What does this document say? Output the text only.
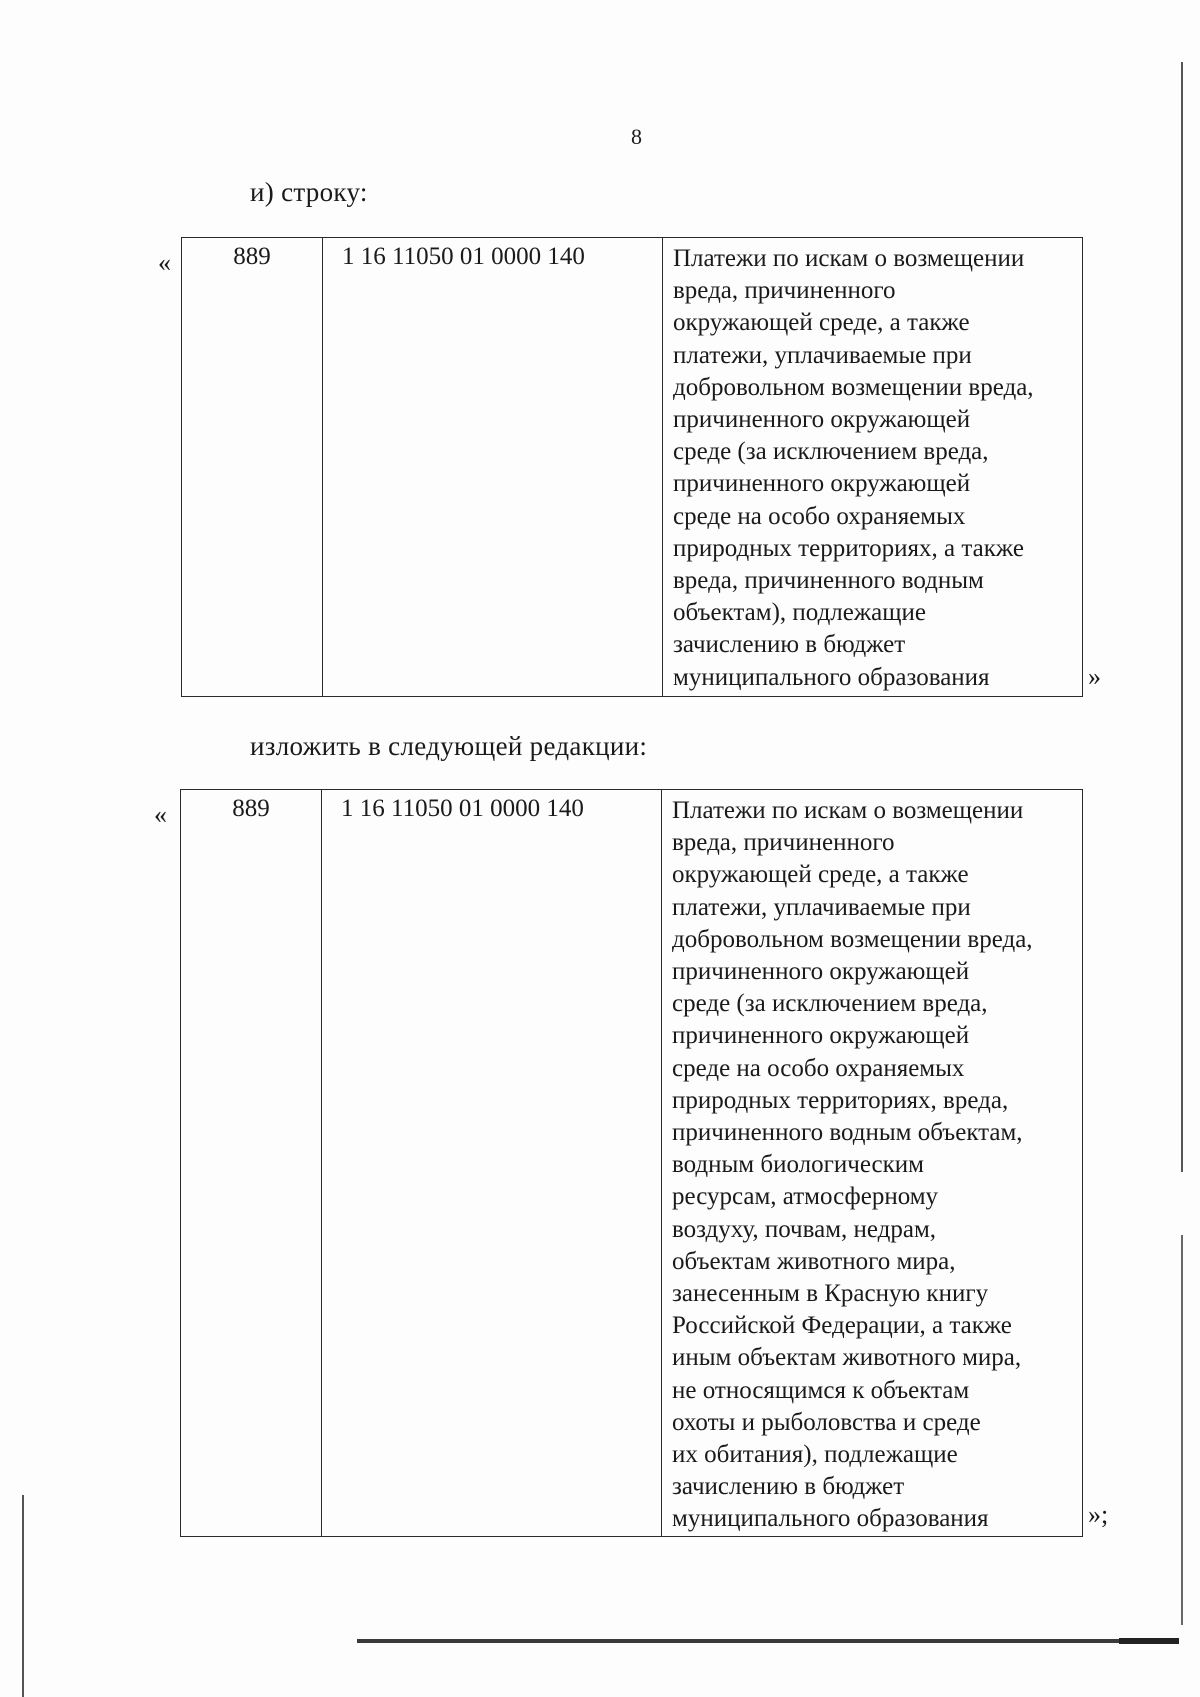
8
и) строку:
« 889	1 16 11050 01 0000 140	Платежи по искам о возмещении
вреда, причиненного
окружающей среде, а также
платежи, уплачиваемые при
добровольном возмещении вреда,
причиненного окружающей
среде (за исключением вреда,
причиненного окружающей
среде на особо охраняемых
природных территориях, а также
вреда, причиненного водным
объектам), подлежащие
зачислению в бюджет
муниципального образования	»
изложить в следующей редакции:
«	889	1 16 11050 01 0000 140	Платежи по искам о возмещении
вреда, причиненного
окружающей среде, а также
платежи, уплачиваемые при
добровольном возмещении вреда,
причиненного окружающей
среде (за исключением вреда,
причиненного окружающей
среде на особо охраняемых
природных территориях, вреда,
причиненного водным объектам,
водным биологическим
ресурсам, атмосферному
воздуху, почвам, недрам,
объектам животного мира,
занесенным в Красную книгу
Российской Федерации, а также
иным объектам животного мира,
не относящимся к объектам
охоты и рыболовства и среде
их обитания), подлежащие
зачислению в бюджет
муниципального образования	»;
